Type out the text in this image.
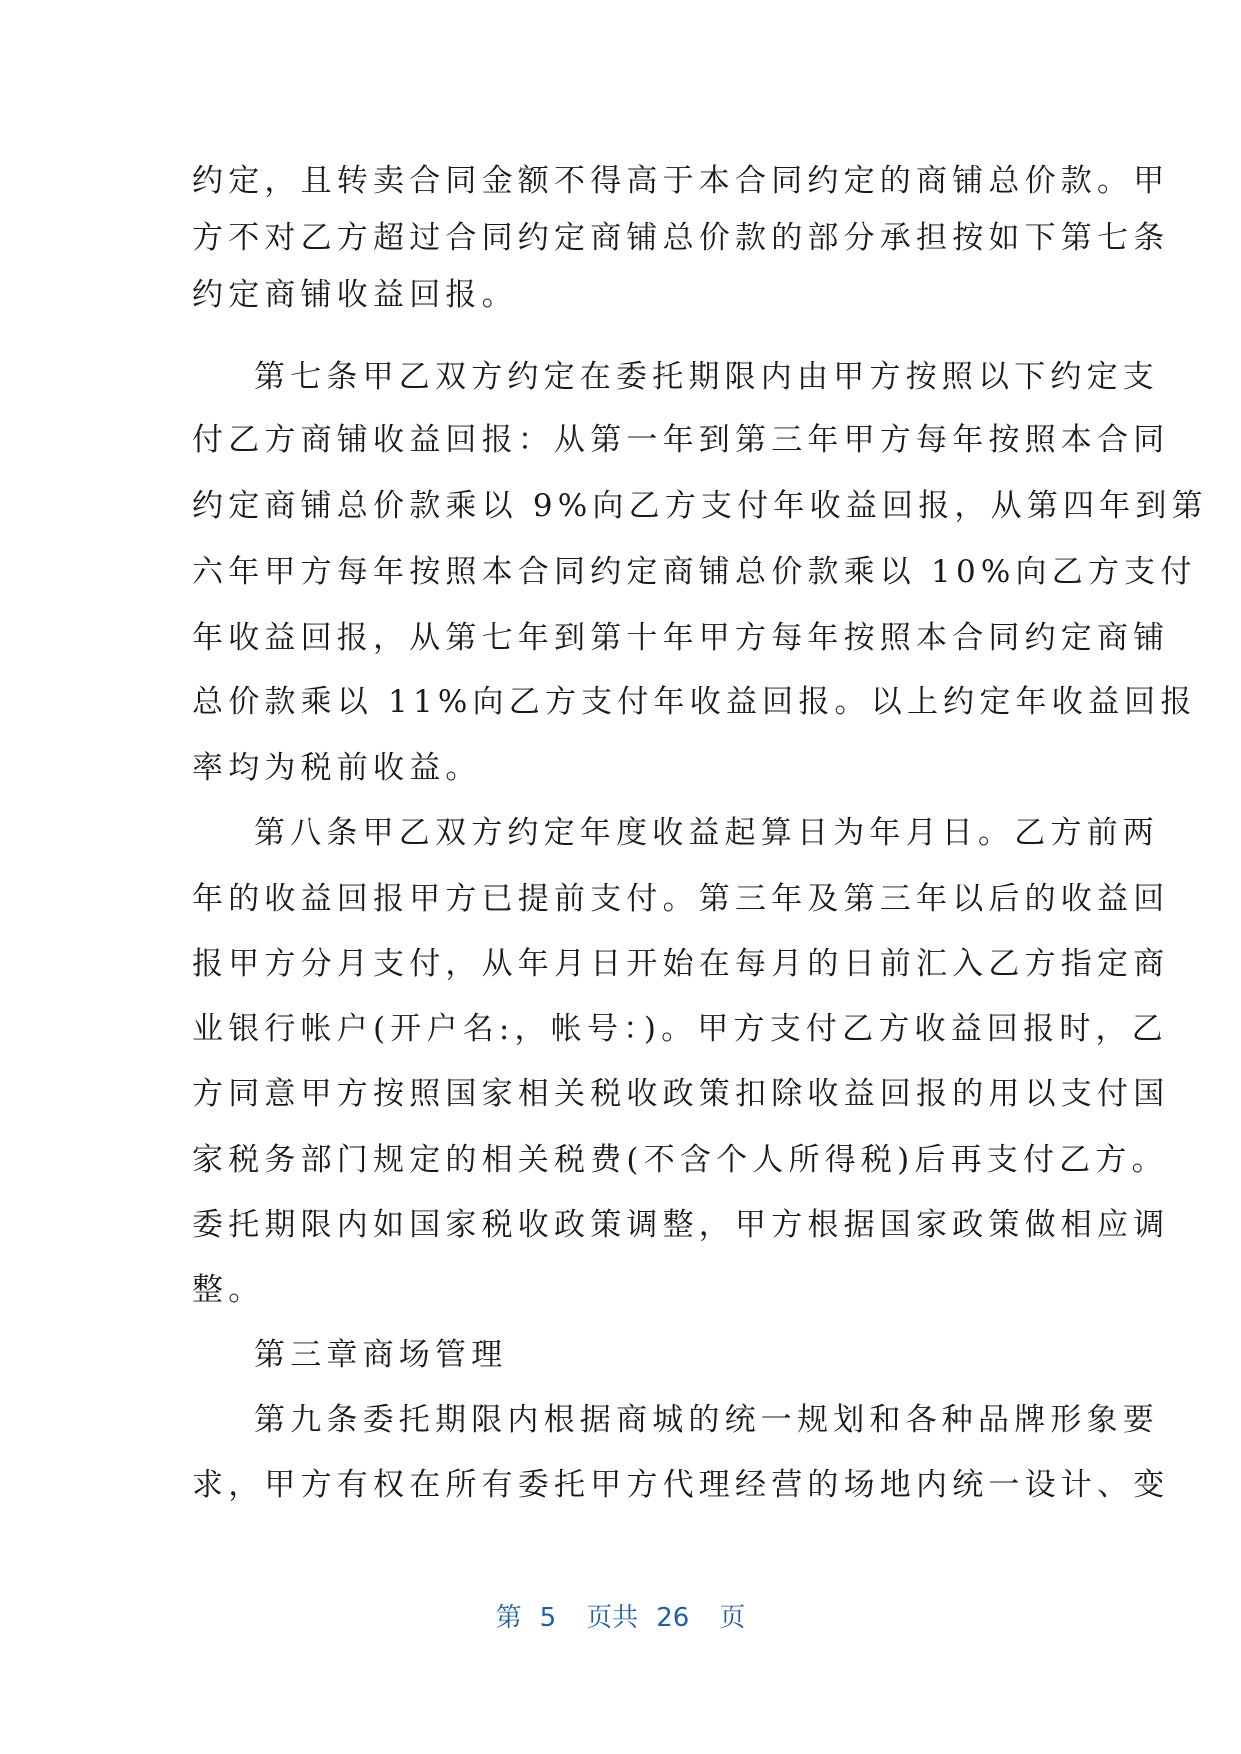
约定，且转卖合同金额不得高于本合同约定的商铺总价款。甲
方不对乙方超过合同约定商铺总价款的部分承担按如下第七条
约定商铺收益回报。
第七条甲乙双方约定在委托期限内由甲方按照以下约定支
付乙方商铺收益回报：从第一年到第三年甲方每年按照本合同
约定商铺总价款乘以 9%向乙方支付年收益回报，从第四年到第
六年甲方每年按照本合同约定商铺总价款乘以 10%向乙方支付
年收益回报，从第七年到第十年甲方每年按照本合同约定商铺
总价款乘以 11%向乙方支付年收益回报。以上约定年收益回报
率均为税前收益。
第八条甲乙双方约定年度收益起算日为年月日。乙方前两
年的收益回报甲方已提前支付。第三年及第三年以后的收益回
报甲方分月支付，从年月日开始在每月的日前汇入乙方指定商
业银行帐户(开户名:，帐号：)。甲方支付乙方收益回报时，乙
方同意甲方按照国家相关税收政策扣除收益回报的用以支付国
家税务部门规定的相关税费(不含个人所得税)后再支付乙方。
委托期限内如国家税收政策调整，甲方根据国家政策做相应调
整。
第三章商场管理
第九条委托期限内根据商城的统一规划和各种品牌形象要
求，甲方有权在所有委托甲方代理经营的场地内统一设计、变
第 5 页共 26 页
